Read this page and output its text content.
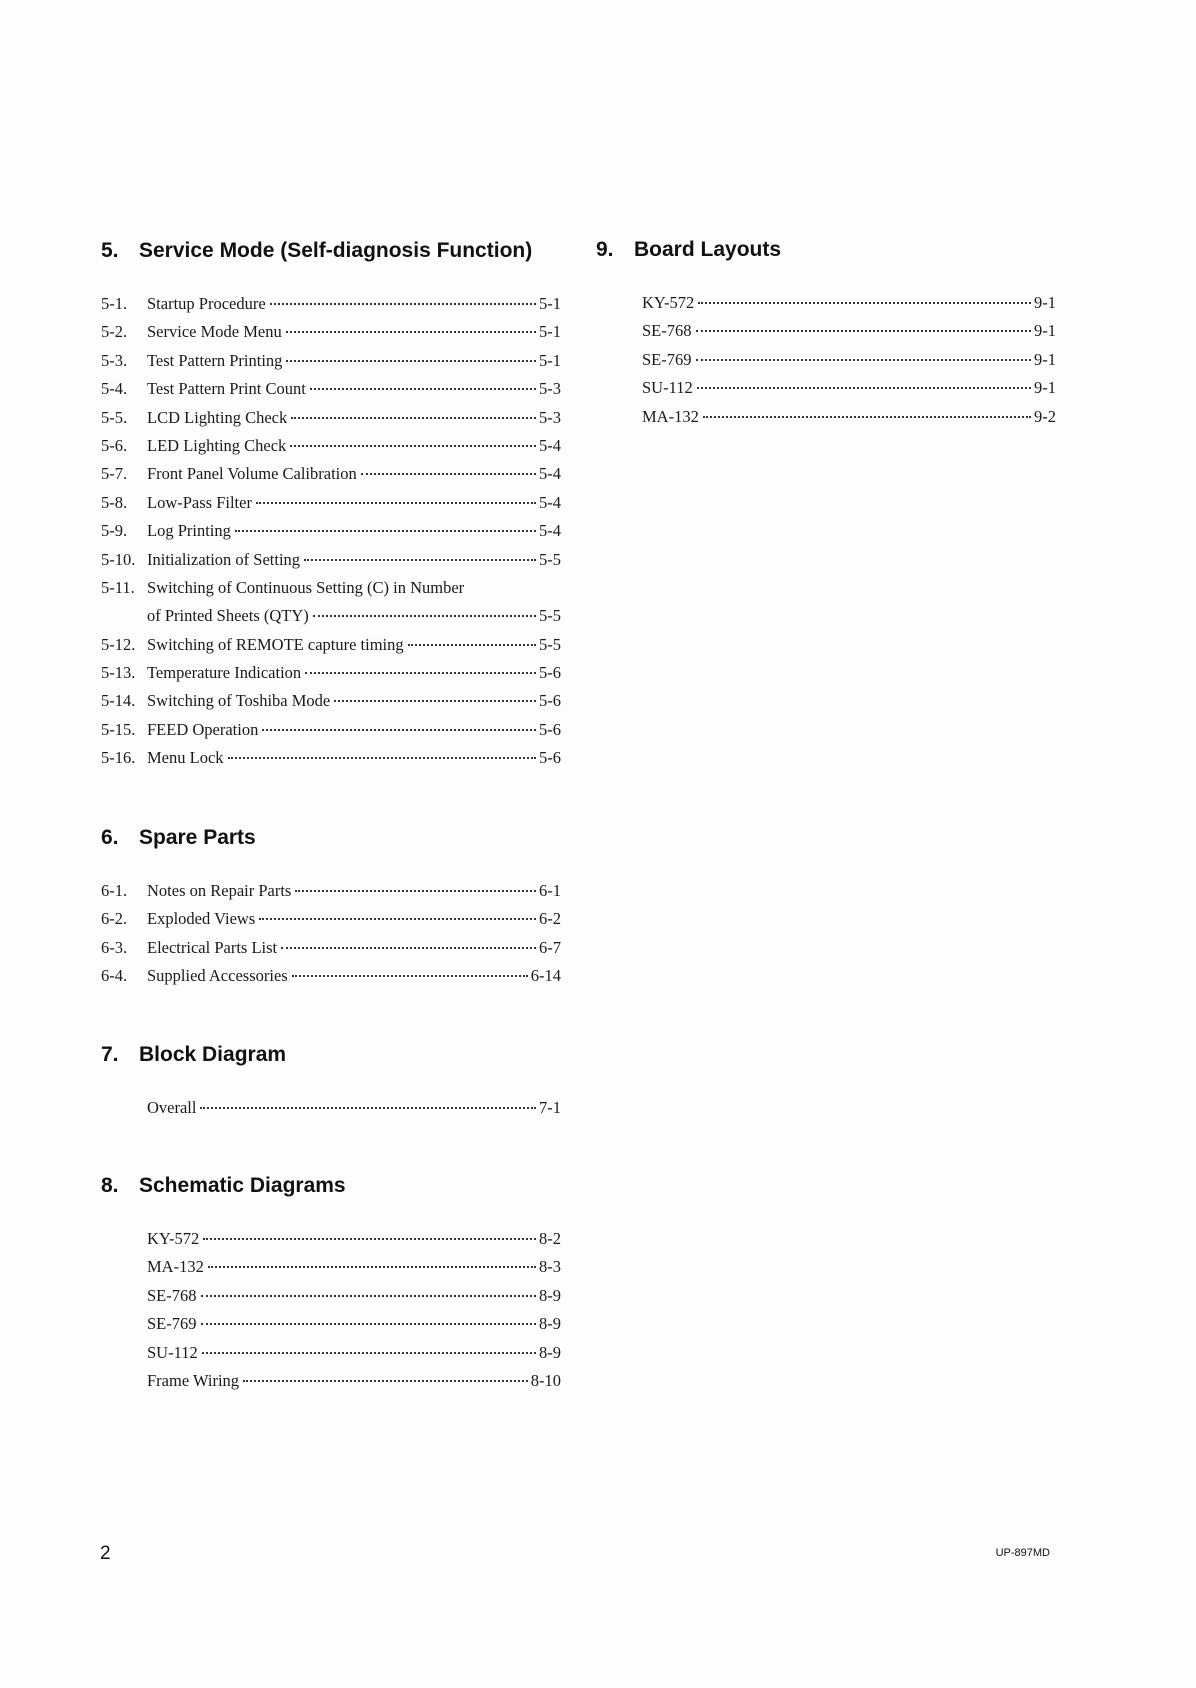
5. Service Mode (Self-diagnosis Function)
5-1.	Startup Procedure	5-1
5-2.	Service Mode Menu	5-1
5-3.	Test Pattern Printing	5-1
5-4.	Test Pattern Print Count	5-3
5-5.	LCD Lighting Check	5-3
5-6.	LED Lighting Check	5-4
5-7.	Front Panel Volume Calibration	5-4
5-8.	Low-Pass Filter	5-4
5-9.	Log Printing	5-4
5-10. Initialization of Setting	5-5
5-11. Switching of Continuous Setting (C) in Number

of Printed Sheets (QTY)	5-5
5-12. Switching of REMOTE capture timing	5-5
5-13. Temperature Indication	5-6
5-14. Switching of Toshiba Mode	5-6
5-15. FEED Operation	5-6
5-16. Menu Lock	5-6
6. Spare Parts
6-1.	Notes on Repair Parts	6-1
6-2.	Exploded Views	6-2
6-3.	Electrical Parts List	6-7
6-4.	Supplied Accessories	6-14
7. Block Diagram

Overall	7-1
8. Schematic Diagrams

KY-572	8-2

MA-132	8-3

SE-768	8-9

SE-769	8-9

SU-112	8-9

Frame Wiring	8-10
9. Board Layouts

KY-572	9-1

SE-768	9-1

SE-769	9-1

SU-112	9-1

MA-132	9-2
2	UP-897MD
